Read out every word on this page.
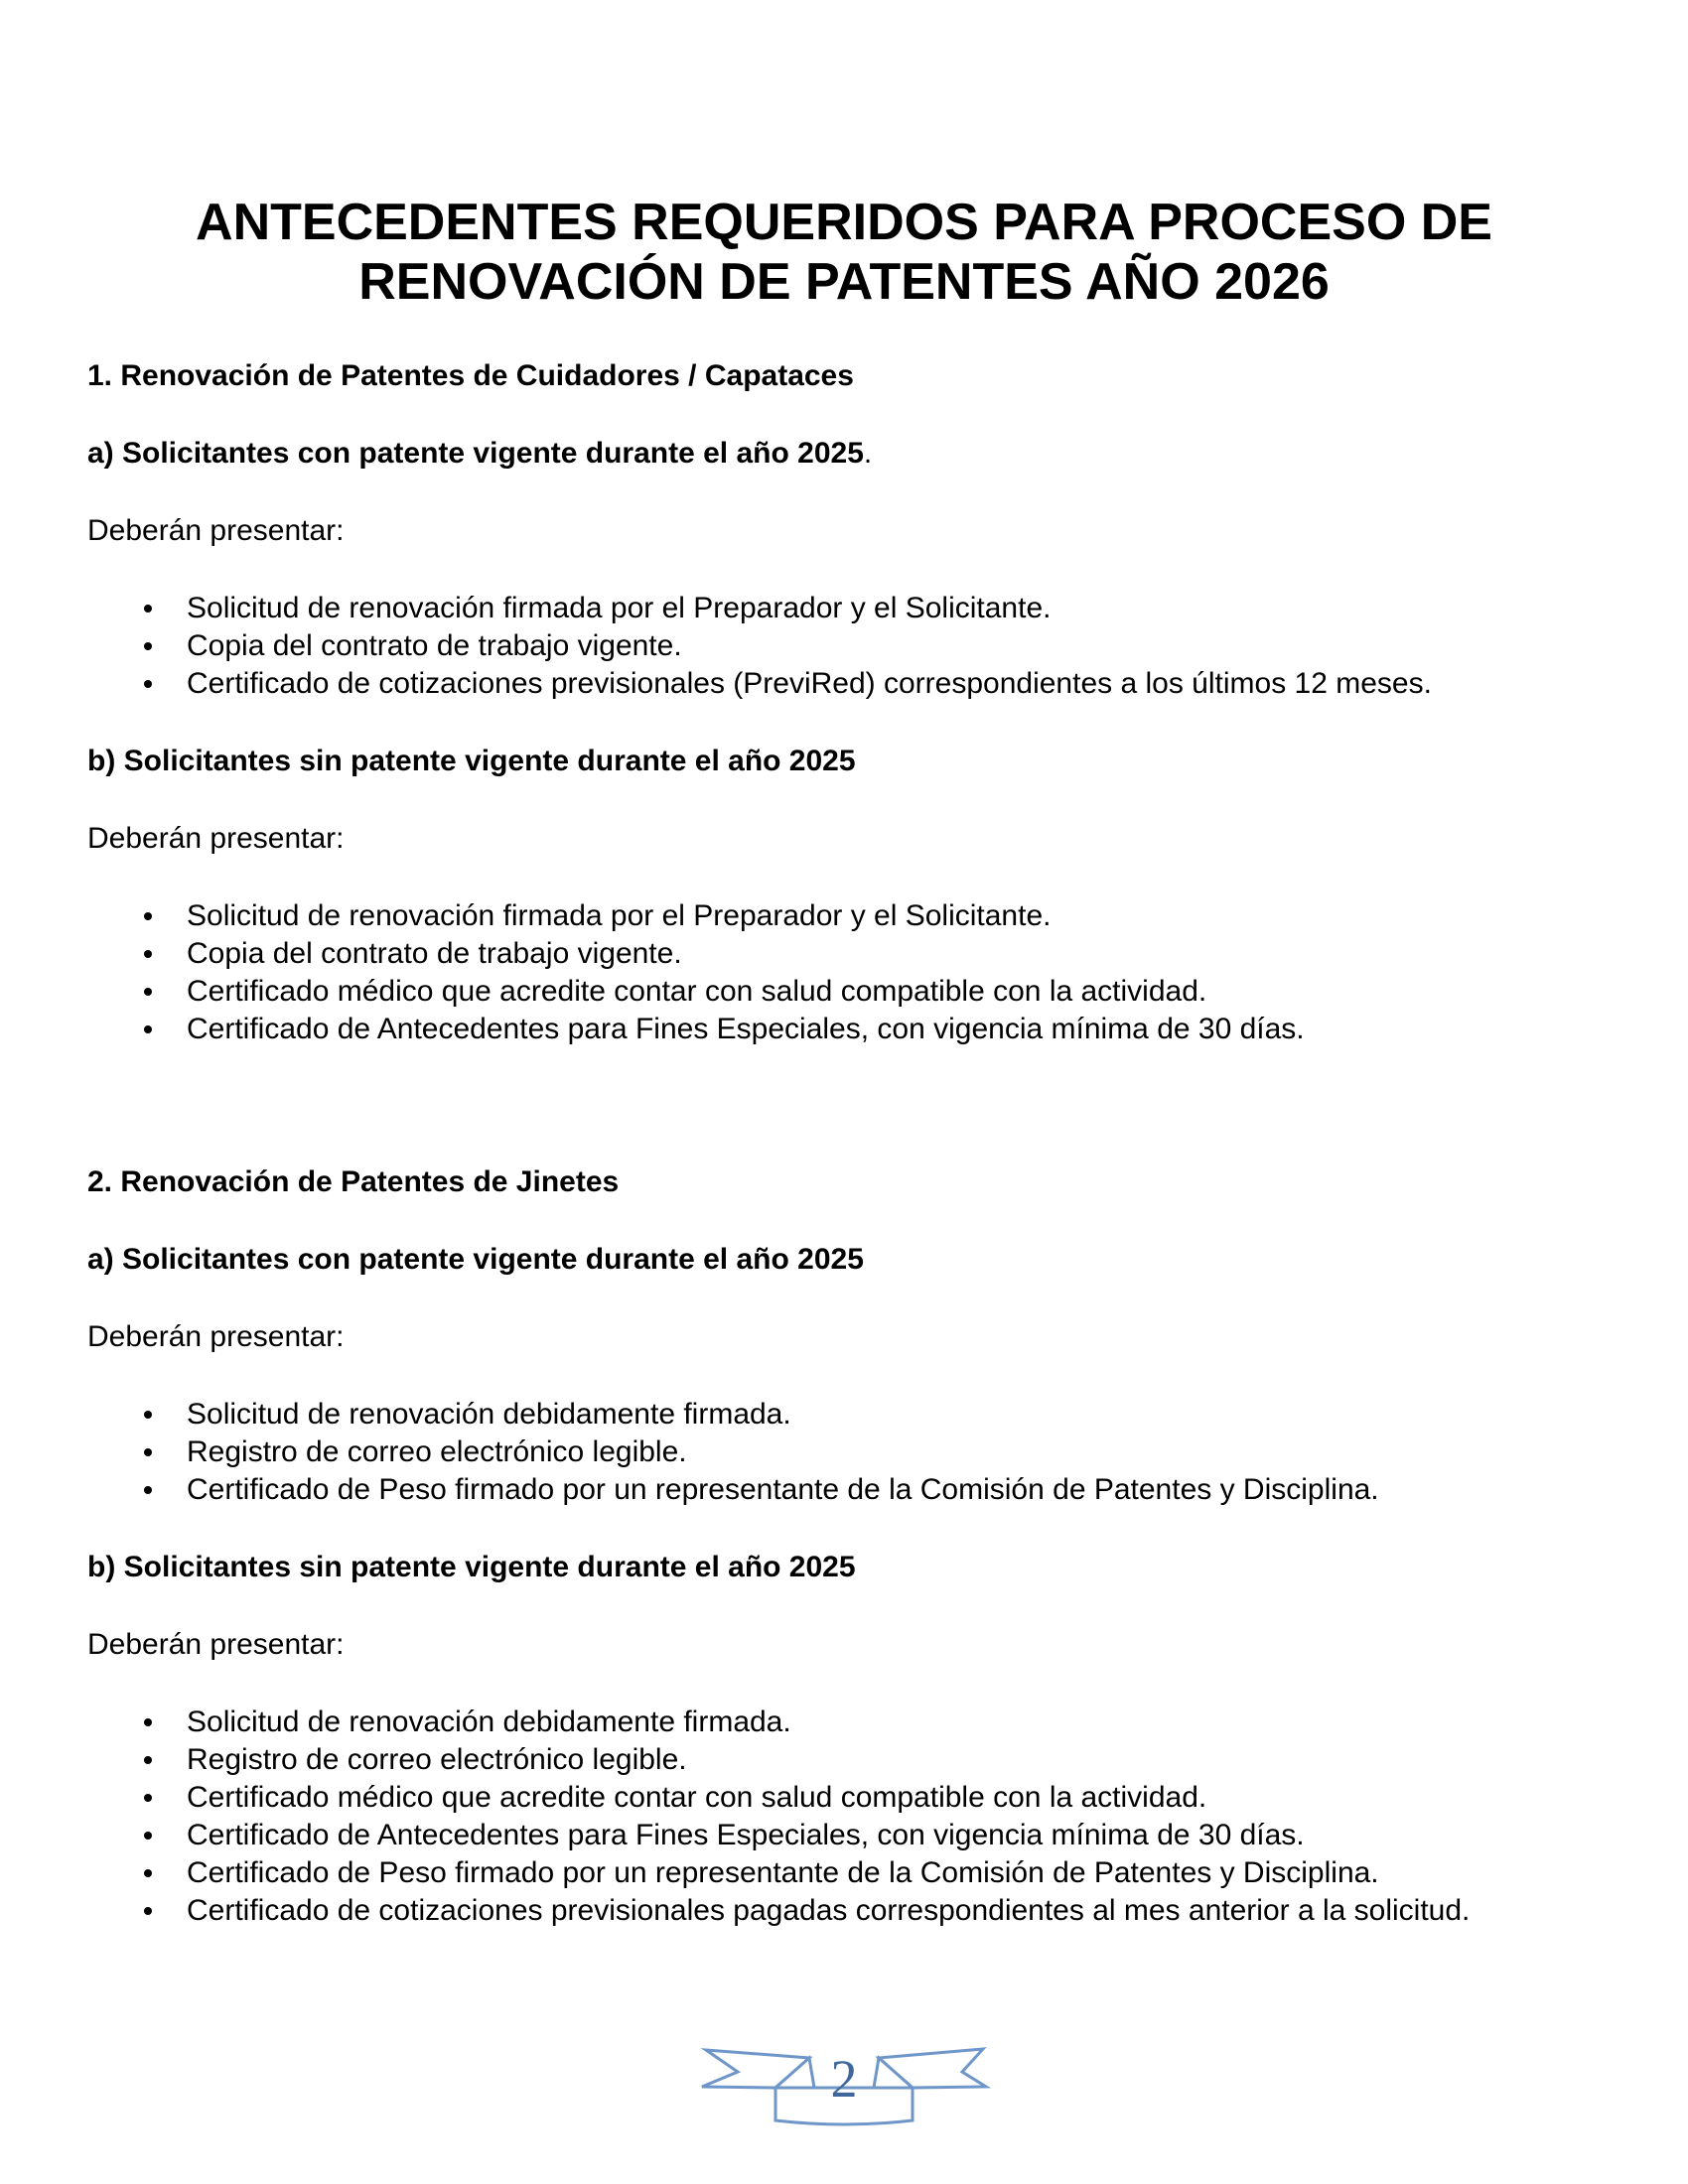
ANTECEDENTES REQUERIDOS PARA PROCESO DE RENOVACIÓN DE PATENTES AÑO 2026
1. Renovación de Patentes de Cuidadores / Capataces
a) Solicitantes con patente vigente durante el año 2025.

Deberán presentar:

Solicitud de renovación firmada por el Preparador y el Solicitante.
Copia del contrato de trabajo vigente.
Certificado de cotizaciones previsionales (PreviRed) correspondientes a los últimos 12 meses.
b) Solicitantes sin patente vigente durante el año 2025

Deberán presentar:

Solicitud de renovación firmada por el Preparador y el Solicitante.
Copia del contrato de trabajo vigente.
Certificado médico que acredite contar con salud compatible con la actividad.
Certificado de Antecedentes para Fines Especiales, con vigencia mínima de 30 días.
2. Renovación de Patentes de Jinetes
a) Solicitantes con patente vigente durante el año 2025

Deberán presentar:

Solicitud de renovación debidamente firmada.
Registro de correo electrónico legible.
Certificado de Peso firmado por un representante de la Comisión de Patentes y Disciplina.
b) Solicitantes sin patente vigente durante el año 2025

Deberán presentar:

Solicitud de renovación debidamente firmada.
Registro de correo electrónico legible.
Certificado médico que acredite contar con salud compatible con la actividad.
Certificado de Antecedentes para Fines Especiales, con vigencia mínima de 30 días.
Certificado de Peso firmado por un representante de la Comisión de Patentes y Disciplina.
Certificado de cotizaciones previsionales pagadas correspondientes al mes anterior a la solicitud.
2
